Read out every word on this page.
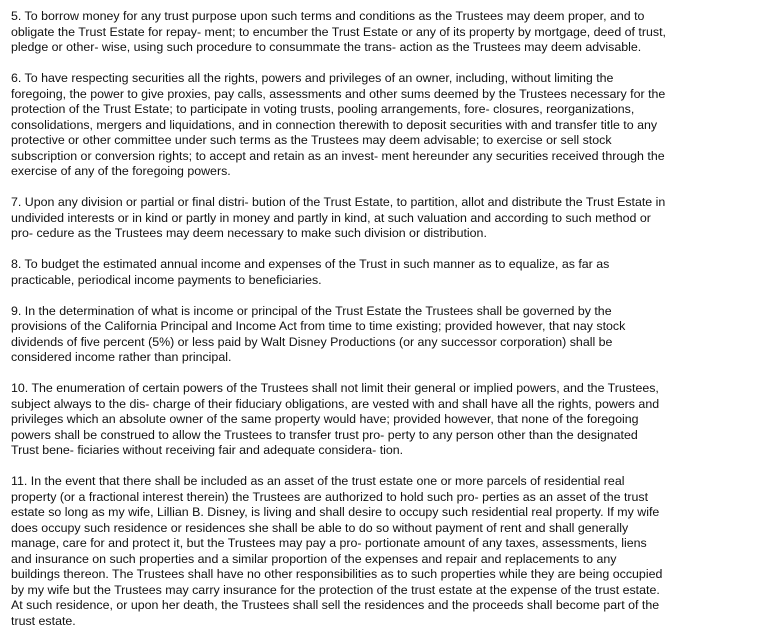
5. To borrow money for any trust purpose upon such terms and conditions as the Trustees may deem proper, and to
obligate the Trust Estate for repay- ment; to encumber the Trust Estate or any of its property by mortgage, deed of trust,
pledge or other- wise, using such procedure to consummate the trans- action as the Trustees may deem advisable.

6. To have respecting securities all the rights, powers and privileges of an owner, including, without limiting the
foregoing, the power to give proxies, pay calls, assessments and other sums deemed by the Trustees necessary for the
protection of the Trust Estate; to participate in voting trusts, pooling arrangements, fore- closures, reorganizations,
consolidations, mergers and liquidations, and in connection therewith to deposit securities with and transfer title to any
protective or other committee under such terms as the Trustees may deem advisable; to exercise or sell stock
subscription or conversion rights; to accept and retain as an invest- ment hereunder any securities received through the
exercise of any of the foregoing powers.

7. Upon any division or partial or final distri- bution of the Trust Estate, to partition, allot and distribute the Trust Estate in
undivided interests or in kind or partly in money and partly in kind, at such valuation and according to such method or
pro- cedure as the Trustees may deem necessary to make such division or distribution.

8. To budget the estimated annual income and expenses of the Trust in such manner as to equalize, as far as
practicable, periodical income payments to beneficiaries.

9. In the determination of what is income or principal of the Trust Estate the Trustees shall be governed by the
provisions of the California Principal and Income Act from time to time existing; provided however, that nay stock
dividends of five percent (5%) or less paid by Walt Disney Productions (or any successor corporation) shall be
considered income rather than principal.

10. The enumeration of certain powers of the Trustees shall not limit their general or implied powers, and the Trustees,
subject always to the dis- charge of their fiduciary obligations, are vested with and shall have all the rights, powers and
privileges which an absolute owner of the same property would have; provided however, that none of the foregoing
powers shall be construed to allow the Trustees to transfer trust pro- perty to any person other than the designated
Trust bene- ficiaries without receiving fair and adequate considera- tion.

11. In the event that there shall be included as an asset of the trust estate one or more parcels of residential real
property (or a fractional interest therein) the Trustees are authorized to hold such pro- perties as an asset of the trust
estate so long as my wife, Lillian B. Disney, is living and shall desire to occupy such residential real property. If my wife
does occupy such residence or residences she shall be able to do so without payment of rent and shall generally
manage, care for and protect it, but the Trustees may pay a pro- portionate amount of any taxes, assessments, liens
and insurance on such properties and a similar proportion of the expenses and repair and replacements to any
buildings thereon. The Trustees shall have no other responsibilities as to such properties while they are being occupied
by my wife but the Trustees may carry insurance for the protection of the trust estate at the expense of the trust estate.
At such residence, or upon her death, the Trustees shall sell the residences and the proceeds shall become part of the
trust estate.
